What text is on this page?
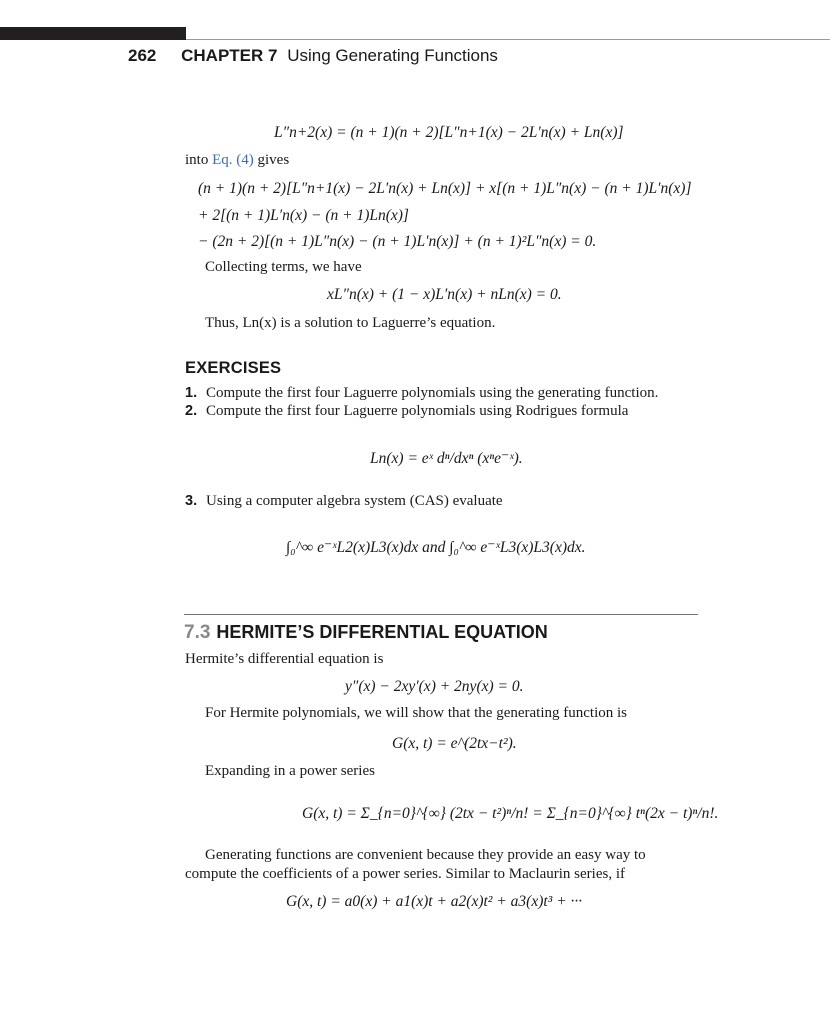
262 CHAPTER 7 Using Generating Functions
L″n+2(x) = (n + 1)(n + 2)[L″n+1(x) − 2L′n(x) + Ln(x)]
into Eq. (4) gives
(n + 1)(n + 2)[L″n+1(x) − 2L′n(x) + Ln(x)] + x[(n + 1)L″n(x) − (n + 1)L′n(x)]
+ 2[(n + 1)L′n(x) − (n + 1)Ln(x)]
− (2n + 2)[(n + 1)L″n(x) − (n + 1)L′n(x)] + (n + 1)²L″n(x) = 0.
Collecting terms, we have
xL″n(x) + (1 − x)L′n(x) + nLn(x) = 0.
Thus, Ln(x) is a solution to Laguerre’s equation.
EXERCISES
1. Compute the first four Laguerre polynomials using the generating function.
2. Compute the first four Laguerre polynomials using Rodrigues formula
Ln(x) = eˣ dⁿ/dxⁿ (xⁿe⁻ˣ).
3. Using a computer algebra system (CAS) evaluate
∫₀^∞ e⁻ˣL2(x)L3(x)dx and ∫₀^∞ e⁻ˣL3(x)L3(x)dx.
7.3 HERMITE’S DIFFERENTIAL EQUATION
Hermite’s differential equation is
y″(x) − 2xy′(x) + 2ny(x) = 0.
For Hermite polynomials, we will show that the generating function is
G(x, t) = e^(2tx−t²).
Expanding in a power series
G(x, t) = Σ_{n=0}^{∞} (2tx − t²)ⁿ/n! = Σ_{n=0}^{∞} tⁿ(2x − t)ⁿ/n!.
Generating functions are convenient because they provide an easy way to
compute the coefficients of a power series. Similar to Maclaurin series, if
G(x, t) = a0(x) + a1(x)t + a2(x)t² + a3(x)t³ + ···
